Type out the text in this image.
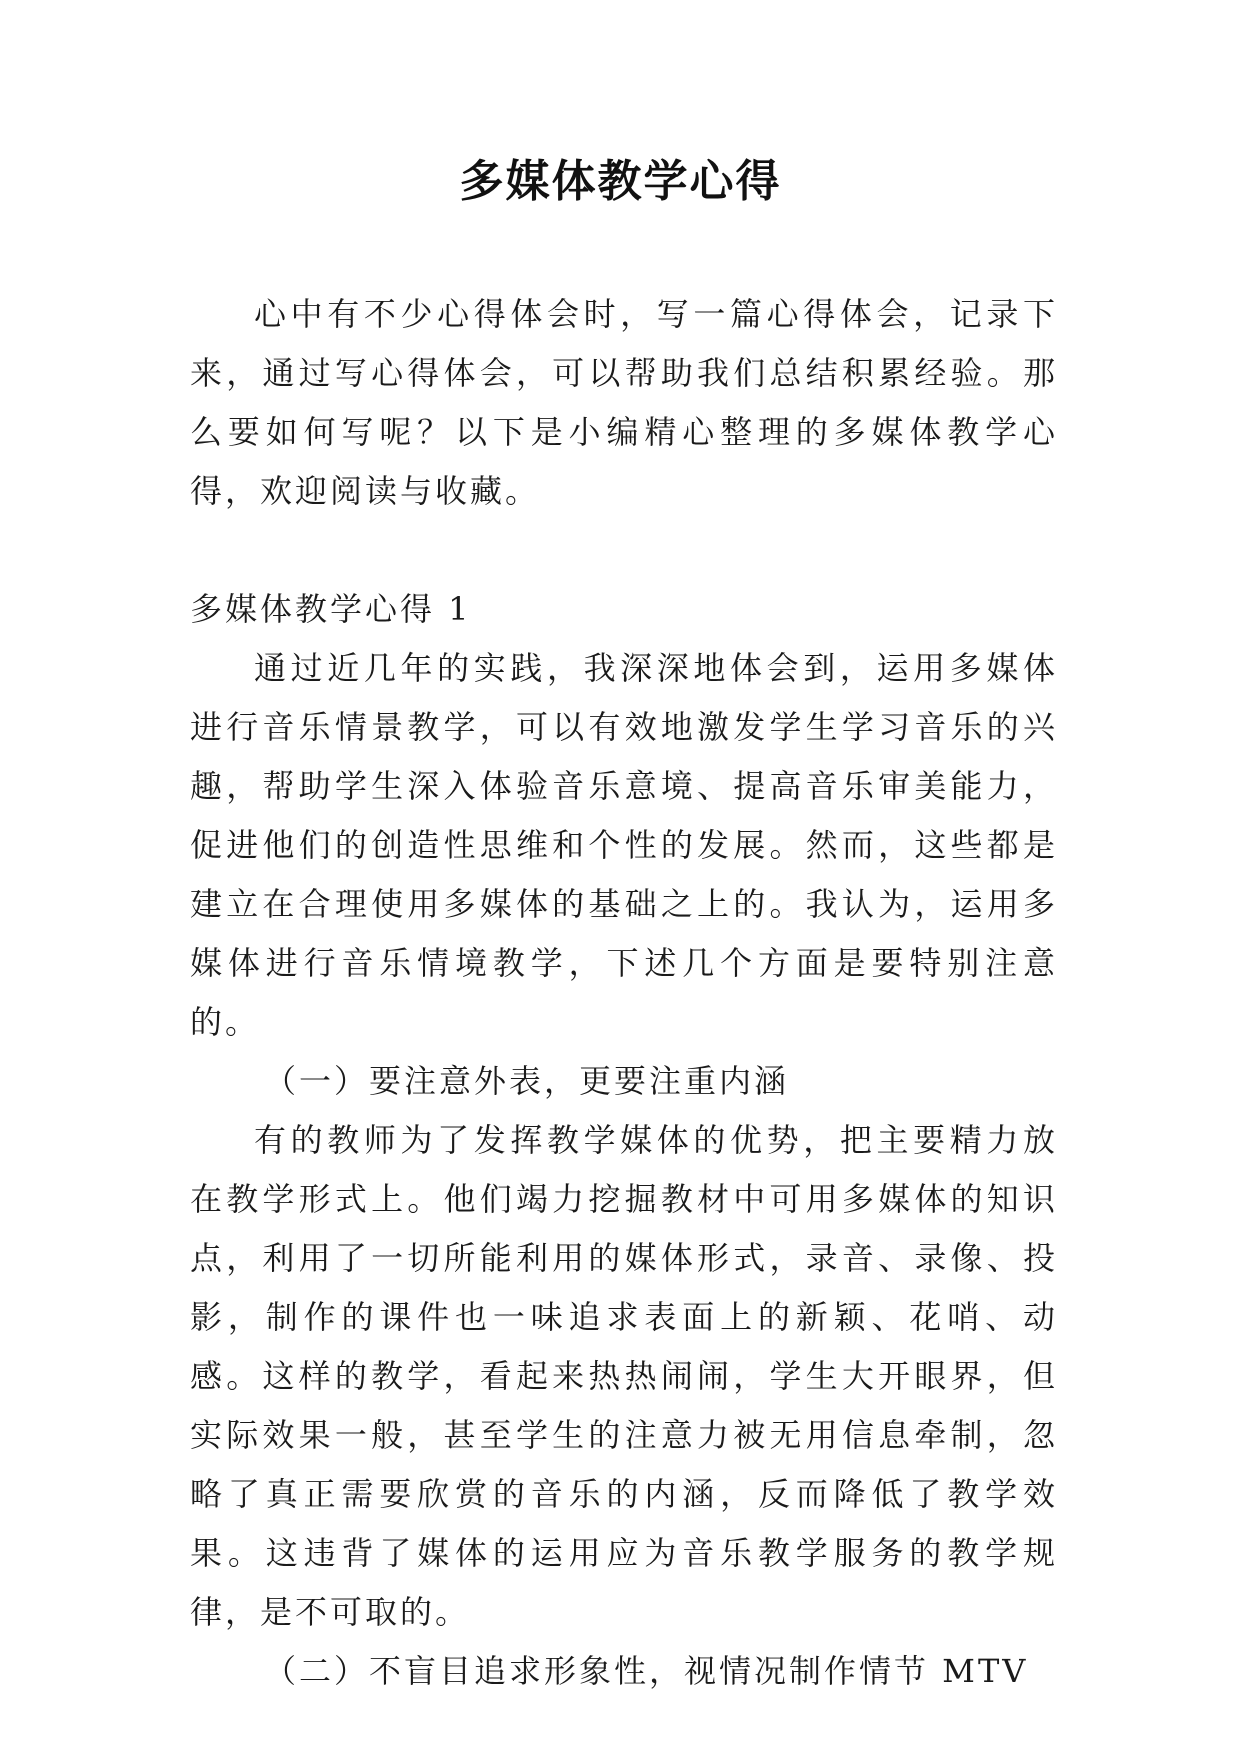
多媒体教学心得

心中有不少心得体会时，写一篇心得体会，记录下来，通过写心得体会，可以帮助我们总结积累经验。那么要如何写呢？以下是小编精心整理的多媒体教学心得，欢迎阅读与收藏。

多媒体教学心得 1

通过近几年的实践，我深深地体会到，运用多媒体进行音乐情景教学，可以有效地激发学生学习音乐的兴趣，帮助学生深入体验音乐意境、提高音乐审美能力，促进他们的创造性思维和个性的发展。然而，这些都是建立在合理使用多媒体的基础之上的。我认为，运用多媒体进行音乐情境教学，下述几个方面是要特别注意的。

（一）要注意外表，更要注重内涵

有的教师为了发挥教学媒体的优势，把主要精力放在教学形式上。他们竭力挖掘教材中可用多媒体的知识点，利用了一切所能利用的媒体形式，录音、录像、投影，制作的课件也一味追求表面上的新颖、花哨、动感。这样的教学，看起来热热闹闹，学生大开眼界，但实际效果一般，甚至学生的注意力被无用信息牵制，忽略了真正需要欣赏的音乐的内涵，反而降低了教学效果。这违背了媒体的运用应为音乐教学服务的教学规律，是不可取的。

（二）不盲目追求形象性，视情况制作情节 MTV
